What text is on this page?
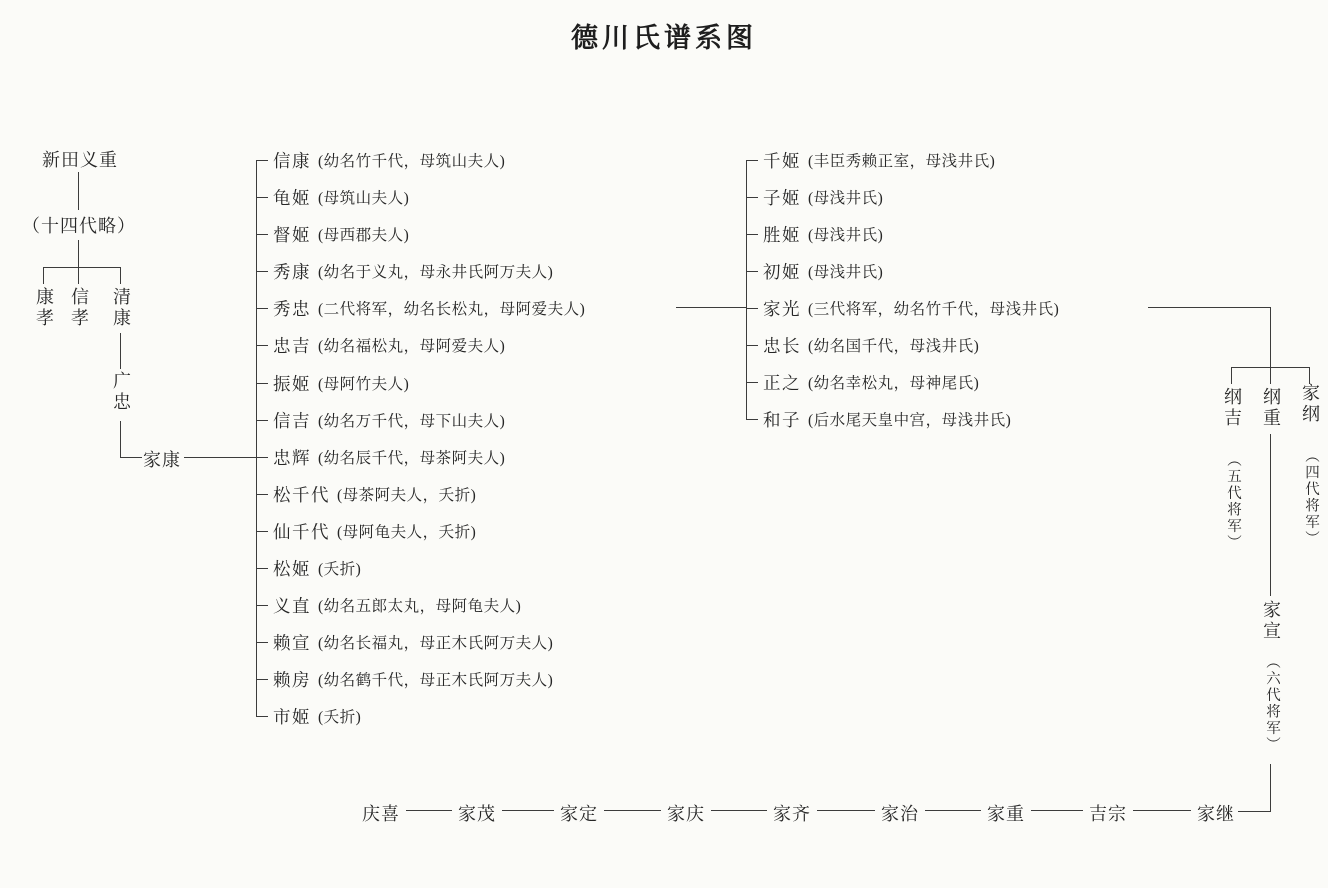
德川氏谱系图
新田义重
（十四代略）
康孝 信孝 清康
广忠
家康
信康 (幼名竹千代，母筑山夫人)
龟姬 (母筑山夫人)
督姬 (母西郡夫人)
秀康 (幼名于义丸，母永井氏阿万夫人)
秀忠 (二代将军，幼名长松丸，母阿爱夫人)
忠吉 (幼名福松丸，母阿爱夫人)
振姬 (母阿竹夫人)
信吉 (幼名万千代，母下山夫人)
忠辉 (幼名辰千代，母茶阿夫人)
松千代 (母茶阿夫人，夭折)
仙千代 (母阿龟夫人，夭折)
松姬 (夭折)
义直 (幼名五郎太丸，母阿龟夫人)
赖宣 (幼名长福丸，母正木氏阿万夫人)
赖房 (幼名鹤千代，母正木氏阿万夫人)
市姬 (夭折)
千姬 (丰臣秀赖正室，母浅井氏)
子姬 (母浅井氏)
胜姬 (母浅井氏)
初姬 (母浅井氏)
家光 (三代将军，幼名竹千代，母浅井氏)
忠长 (幼名国千代，母浅井氏)
正之 (幼名幸松丸，母神尾氏)
和子 (后水尾天皇中宫，母浅井氏)	纲吉 纲重 家纲
（五代将军）	（四代将军）
家宣
（六代将军）
庆喜	家茂	家定	家庆	家齐	家治	家重	吉宗	家继
